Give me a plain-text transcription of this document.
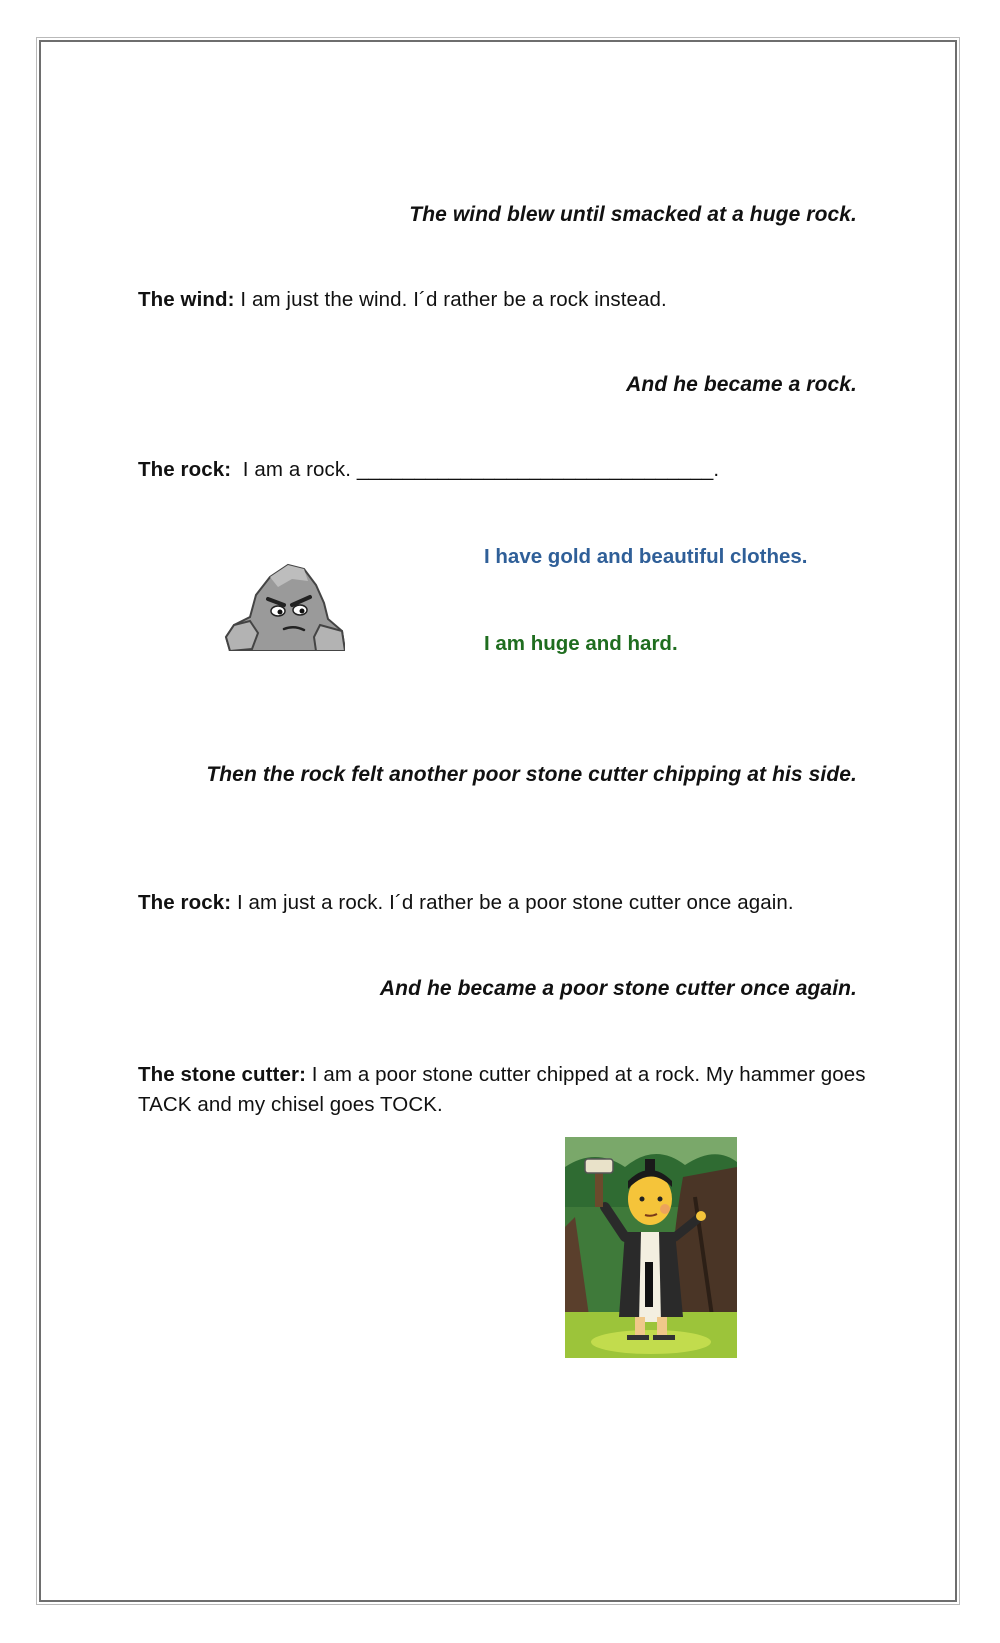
The wind blew until smacked at a huge rock.
The wind: I am just the wind. I´d rather be a rock instead.
And he became a rock.
The rock:  I am a rock. _______________________________.
I have gold and beautiful clothes.
I am huge and hard.
Then the rock felt another poor stone cutter chipping at his side.
The rock: I am just a rock. I´d rather be a poor stone cutter once again.
And he became a poor stone cutter once again.
The stone cutter: I am a poor stone cutter chipped at a rock. My hammer goes TACK and my chisel goes TOCK.
